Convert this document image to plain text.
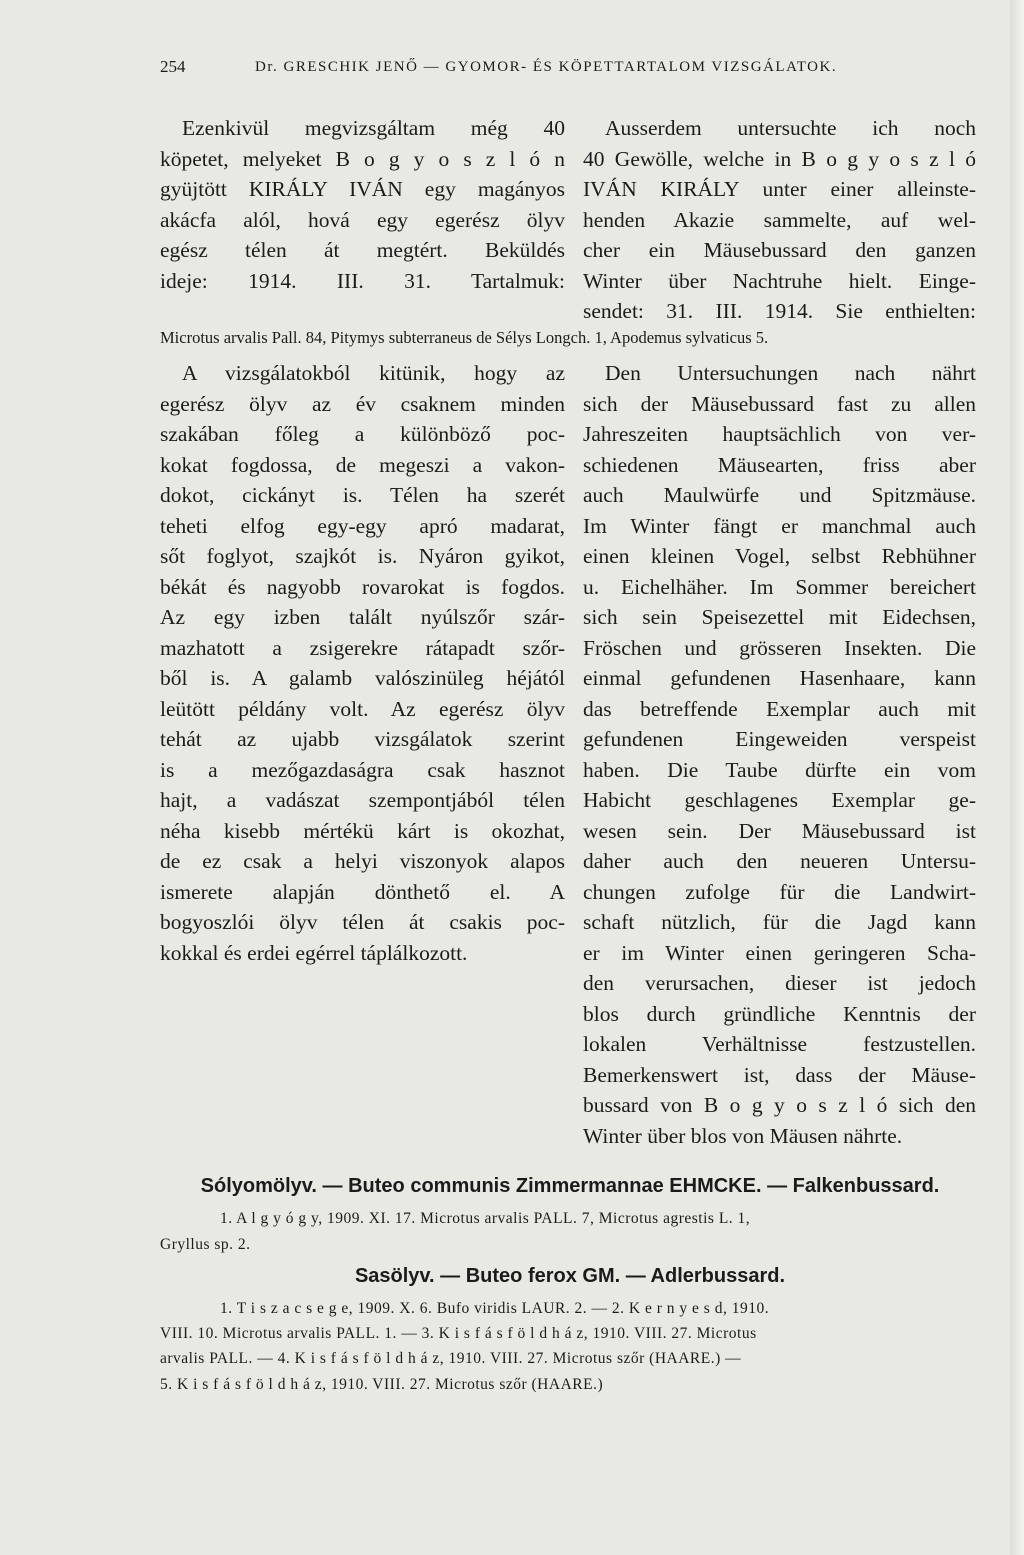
254	Dr. GRESCHIK JENŐ — GYOMOR- ÉS KÖPETTARTALOM VIZSGÁLATOK.
Ezenkivül megvizsgáltam még 40
köpetet, melyeket B o g y o s z l ó n
gyüjtött KIRÁLY IVÁN egy magányos
akácfa alól, hová egy egerész ölyv
egész télen át megtért. Beküldés
ideje: 1914. III. 31. Tartalmuk:
Ausserdem untersuchte ich noch
40 Gewölle, welche in B o g y o s z l ó
IVÁN KIRÁLY unter einer alleinste-
henden Akazie sammelte, auf wel-
cher ein Mäusebussard den ganzen
Winter über Nachtruhe hielt. Einge-
sendet: 31. III. 1914. Sie enthielten:
Microtus arvalis Pall. 84, Pitymys subterraneus de Sélys Longch. 1, Apodemus sylvaticus 5.
A vizsgálatokból kitünik, hogy az
egerész ölyv az év csaknem minden
szakában főleg a különböző poc-
kokat fogdossa, de megeszi a vakon-
dokot, cickányt is. Télen ha szerét
teheti elfog egy-egy apró madarat,
sőt foglyot, szajkót is. Nyáron gyikot,
békát és nagyobb rovarokat is fogdos.
Az egy izben talált nyúlszőr szár-
mazhatott a zsigerekre rátapadt szőr-
ből is. A galamb valószinüleg héjától
leütött példány volt. Az egerész ölyv
tehát az ujabb vizsgálatok szerint
is a mezőgazdaságra csak hasznot
hajt, a vadászat szempontjából télen
néha kisebb mértékü kárt is okozhat,
de ez csak a helyi viszonyok alapos
ismerete alapján dönthető el. A
bogyoszlói ölyv télen át csakis poc-
kokkal és erdei egérrel táplálkozott.
Den Untersuchungen nach nährt
sich der Mäusebussard fast zu allen
Jahreszeiten hauptsächlich von ver-
schiedenen Mäusearten, friss aber
auch Maulwürfe und Spitzmäuse.
Im Winter fängt er manchmal auch
einen kleinen Vogel, selbst Rebhühner
u. Eichelhäher. Im Sommer bereichert
sich sein Speisezettel mit Eidechsen,
Fröschen und grösseren Insekten. Die
einmal gefundenen Hasenhaare, kann
das betreffende Exemplar auch mit
gefundenen Eingeweiden verspeist
haben. Die Taube dürfte ein vom
Habicht geschlagenes Exemplar ge-
wesen sein. Der Mäusebussard ist
daher auch den neueren Untersu-
chungen zufolge für die Landwirt-
schaft nützlich, für die Jagd kann
er im Winter einen geringeren Scha-
den verursachen, dieser ist jedoch
blos durch gründliche Kenntnis der
lokalen Verhältnisse festzustellen.
Bemerkenswert ist, dass der Mäuse-
bussard von B o g y o s z l ó sich den
Winter über blos von Mäusen nährte.
Sólyomölyv. — Buteo communis Zimmermannae EHMCKE. — Falkenbussard.
1. A l g y ó g y, 1909. XI. 17. Microtus arvalis PALL. 7, Microtus agrestis L. 1,
Gryllus sp. 2.
Sasölyv. — Buteo ferox GM. — Adlerbussard.
1. T i s z a c s e g e, 1909. X. 6. Bufo viridis LAUR. 2. — 2. K e r n y e s d, 1910.
VIII. 10. Microtus arvalis PALL. 1. — 3. K i s f á s f ö l d h á z, 1910. VIII. 27. Microtus
arvalis PALL. — 4. K i s f á s f ö l d h á z, 1910. VIII. 27. Microtus szőr (HAARE.) —
5. K i s f á s f ö l d h á z, 1910. VIII. 27. Microtus szőr (HAARE.)
